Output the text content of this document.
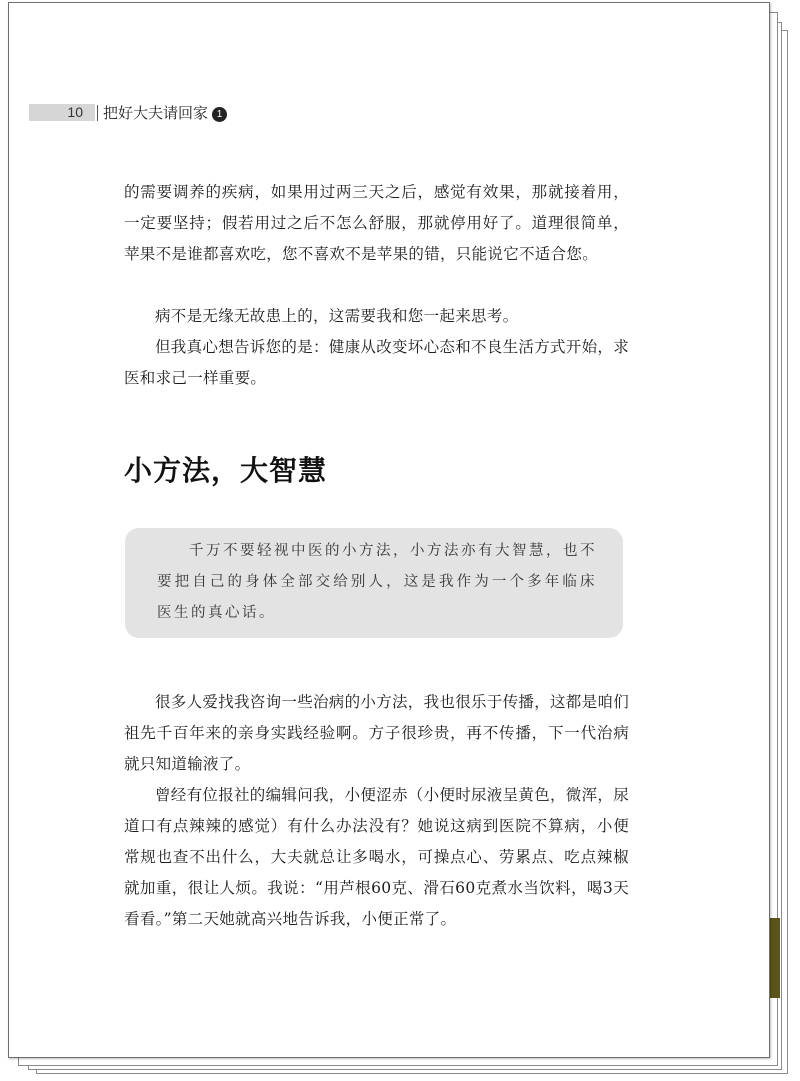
10	把好大夫请回家 1

的需要调养的疾病，如果用过两三天之后，感觉有效果，那就接着用，一定要坚持；假若用过之后不怎么舒服，那就停用好了。道理很简单，苹果不是谁都喜欢吃，您不喜欢不是苹果的错，只能说它不适合您。

病不是无缘无故患上的，这需要我和您一起来思考。

但我真心想告诉您的是：健康从改变坏心态和不良生活方式开始，求医和求己一样重要。

小方法，大智慧

千万不要轻视中医的小方法，小方法亦有大智慧，也不要把自己的身体全部交给别人，这是我作为一个多年临床医生的真心话。

很多人爱找我咨询一些治病的小方法，我也很乐于传播，这都是咱们祖先千百年来的亲身实践经验啊。方子很珍贵，再不传播，下一代治病就只知道输液了。

曾经有位报社的编辑问我，小便涩赤（小便时尿液呈黄色，微浑，尿道口有点辣辣的感觉）有什么办法没有？她说这病到医院不算病，小便常规也查不出什么，大夫就总让多喝水，可操点心、劳累点、吃点辣椒就加重，很让人烦。我说：“用芦根60克、滑石60克煮水当饮料，喝3天看看。”第二天她就高兴地告诉我，小便正常了。
